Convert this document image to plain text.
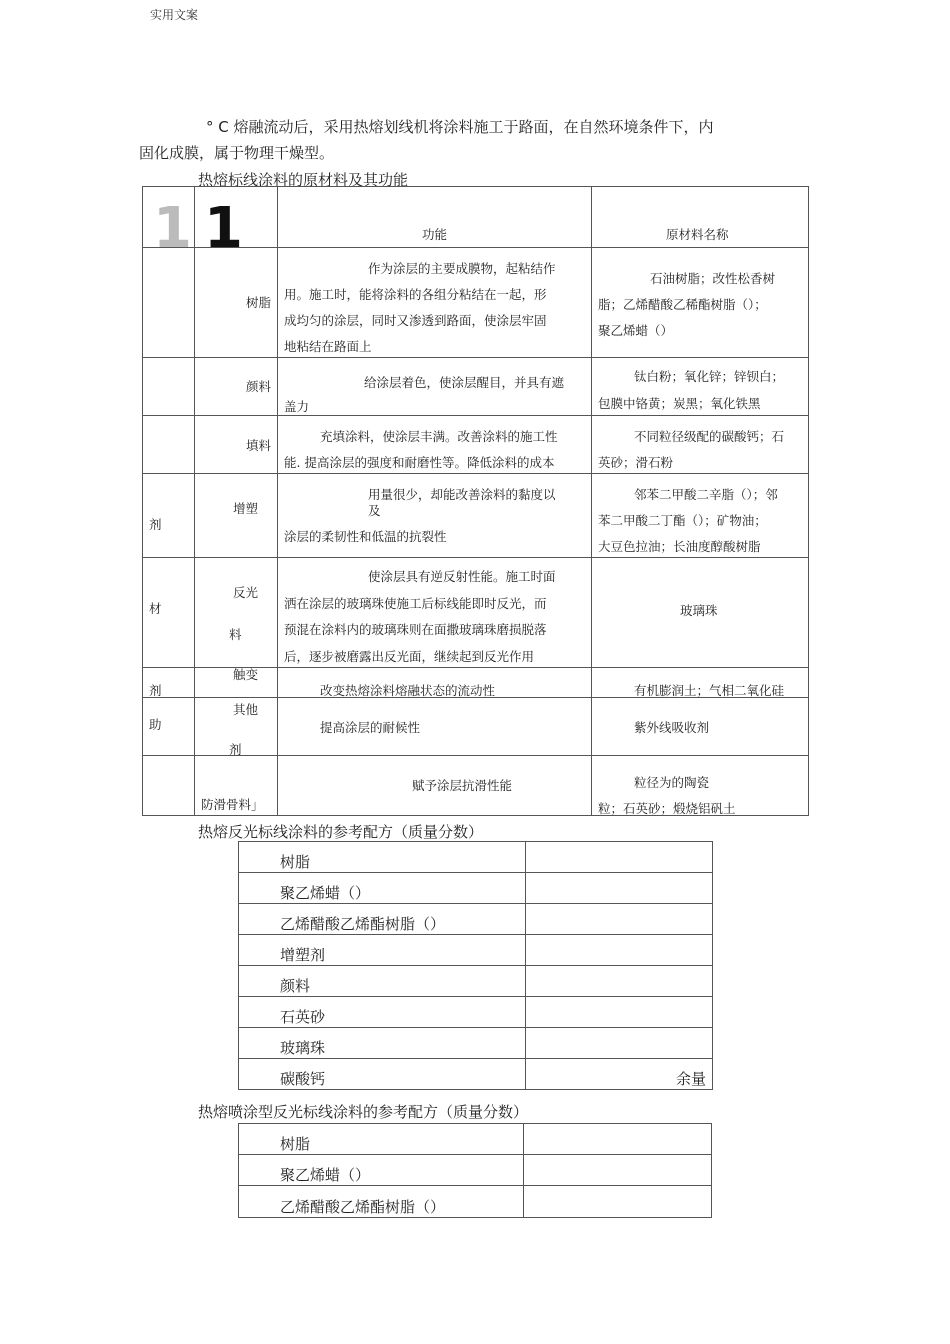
实用文案
° C 熔融流动后，采用热熔划线机将涂料施工于路面，在自然环境条件下，内
固化成膜，属于物理干燥型。
热熔标线涂料的原材料及其功能
1	1	功能	原材料名称

	树脂	作为涂层的主要成膜物，起粘结作
用。施工时，能将涂料的各组分粘结在一起，形
成均匀的涂层，同时又渗透到路面，使涂层牢固
地粘结在路面上	石油树脂；改性松香树
脂；乙烯醋酸乙稀酯树脂（）；
聚乙烯蜡（）

	颜料	给涂层着色，使涂层醒目，并具有遮
盖力	钛白粉；氧化锌；锌钡白；
包膜中铬黄；炭黑；氧化铁黑

	填料	充填涂料，使涂层丰满。改善涂料的施工性
能. 提高涂层的强度和耐磨性等。降低涂料的成本	不同粒径级配的碳酸钙；石
英砂；滑石粉

剂	增塑	用量很少，却能改善涂料的黏度以
及
涂层的柔韧性和低温的抗裂性	邻苯二甲酸二辛脂（）；邻
苯二甲酸二丁酯（）；矿物油；
大豆色拉油；长油度醇酸树脂

材	反光
料	使涂层具有逆反射性能。施工时面
洒在涂层的玻璃珠使施工后标线能即时反光，而
预混在涂料内的玻璃珠则在面撒玻璃珠磨损脱落
后，逐步被磨露出反光面，继续起到反光作用	玻璃珠

剂	触变	改变热熔涂料熔融状态的流动性	有机膨润土；气相二氧化硅

助	其他
剂	提高涂层的耐候性	紫外线吸收剂

	防滑骨料」	赋予涂层抗滑性能	粒径为的陶瓷
粒；石英砂；煅烧铝矾土
热熔反光标线涂料的参考配方（质量分数）
树脂	
聚乙烯蜡（）	
乙烯醋酸乙烯酯树脂（）	
增塑剂	
颜料	
石英砂	
玻璃珠	
碳酸钙	余量
热熔喷涂型反光标线涂料的参考配方（质量分数）
树脂	
聚乙烯蜡（）	
乙烯醋酸乙烯酯树脂（）	
